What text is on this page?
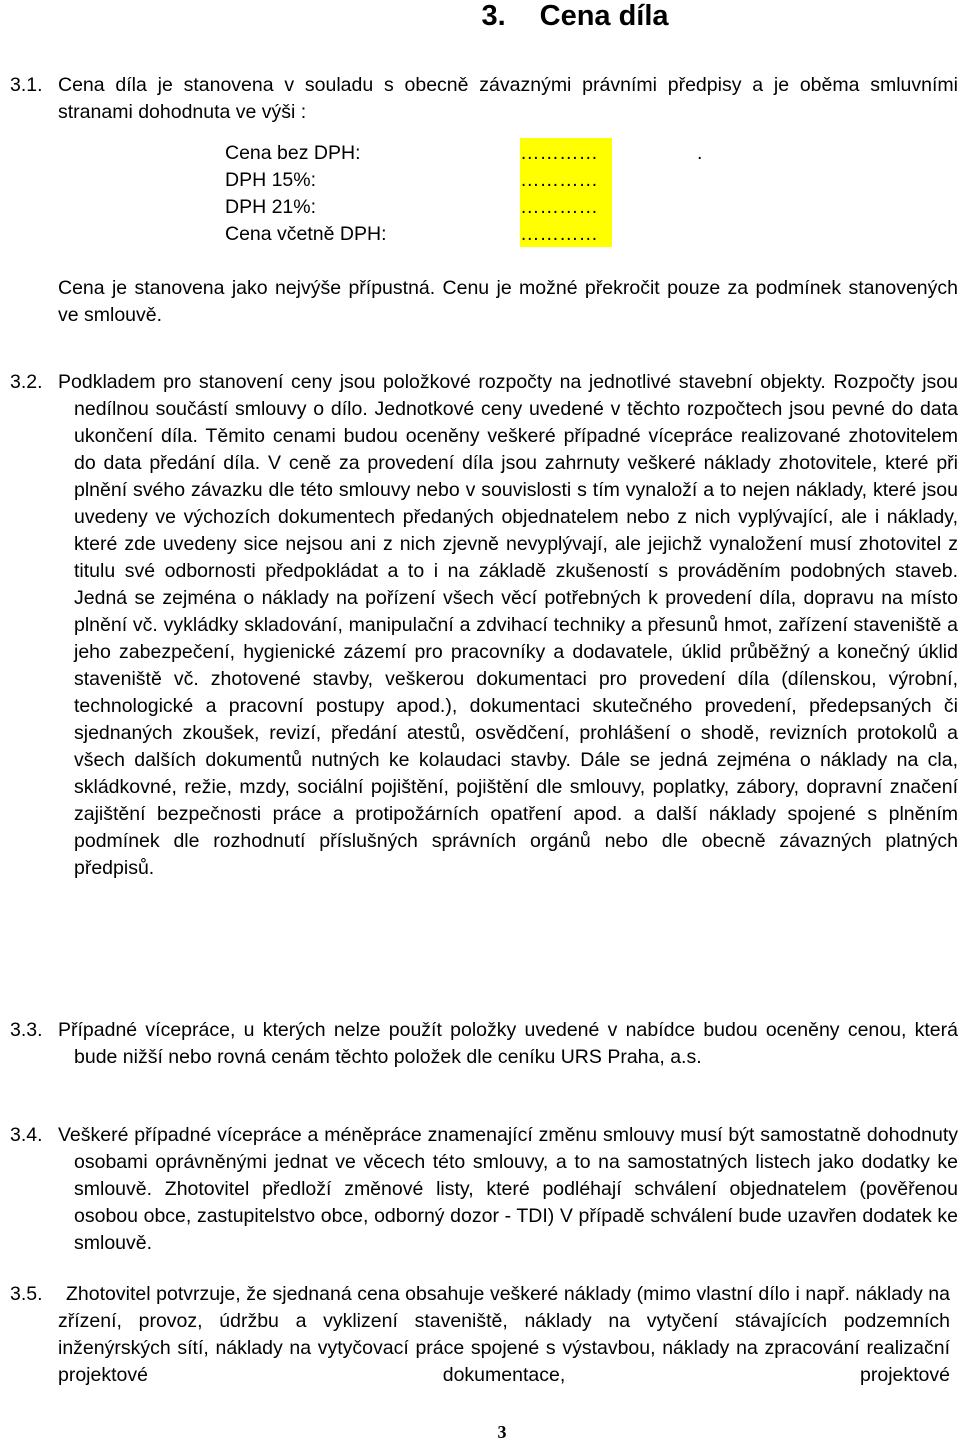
3. Cena díla
3.1. Cena díla je stanovena v souladu s obecně závaznými právními předpisy a je oběma smluvními stranami dohodnuta ve výši :
Cena bez DPH:	…………	.
DPH 15%:	…………
DPH 21%:	…………
Cena včetně DPH:	…………
Cena je stanovena jako nejvýše přípustná. Cenu je možné překročit pouze za podmínek stanovených ve smlouvě.
3.2. Podkladem pro stanovení ceny jsou položkové rozpočty na jednotlivé stavební objekty. Rozpočty jsou nedílnou součástí smlouvy o dílo. Jednotkové ceny uvedené v těchto rozpočtech jsou pevné do data ukončení díla. Těmito cenami budou oceněny veškeré případné vícepráce realizované zhotovitelem do data předání díla. V ceně za provedení díla jsou zahrnuty veškeré náklady zhotovitele, které při plnění svého závazku dle této smlouvy nebo v souvislosti s tím vynaloží a to nejen náklady, které jsou uvedeny ve výchozích dokumentech předaných objednatelem nebo z nich vyplývající, ale i náklady, které zde uvedeny sice nejsou ani z nich zjevně nevyplývají, ale jejichž vynaložení musí zhotovitel z titulu své odbornosti předpokládat a to i na základě zkušeností s prováděním podobných staveb. Jedná se zejména o náklady na pořízení všech věcí potřebných k provedení díla, dopravu na místo plnění vč. vykládky skladování, manipulační a zdvihací techniky a přesunů hmot, zařízení staveniště a jeho zabezpečení, hygienické zázemí pro pracovníky a dodavatele, úklid průběžný a konečný úklid staveniště vč. zhotovené stavby, veškerou dokumentaci pro provedení díla (dílenskou, výrobní, technologické a pracovní postupy apod.), dokumentaci skutečného provedení, předepsaných či sjednaných zkoušek, revizí, předání atestů, osvědčení, prohlášení o shodě, revizních protokolů a všech dalších dokumentů nutných ke kolaudaci stavby. Dále se jedná zejména o náklady na cla, skládkovné, režie, mzdy, sociální pojištění, pojištění dle smlouvy, poplatky, zábory, dopravní značení zajištění bezpečnosti práce a protipožárních opatření apod. a další náklady spojené s plněním podmínek dle rozhodnutí příslušných správních orgánů nebo dle obecně závazných platných předpisů.
3.3. Případné vícepráce, u kterých nelze použít položky uvedené v nabídce budou oceněny cenou, která bude nižší nebo rovná cenám těchto položek dle ceníku URS Praha, a.s.
3.4. Veškeré případné vícepráce a méněpráce znamenající změnu smlouvy musí být samostatně dohodnuty osobami oprávněnými jednat ve věcech této smlouvy, a to na samostatných listech jako dodatky ke smlouvě. Zhotovitel předloží změnové listy, které podléhají schválení objednatelem (pověřenou osobou obce, zastupitelstvo obce, odborný dozor - TDI) V případě schválení bude uzavřen dodatek ke smlouvě.
3.5.	Zhotovitel potvrzuje, že sjednaná cena obsahuje veškeré náklady (mimo vlastní dílo i např. náklady na zřízení, provoz, údržbu a vyklizení staveniště, náklady na vytyčení stávajících podzemních inženýrských sítí, náklady na vytyčovací práce spojené s výstavbou, náklady na zpracování realizační projektové dokumentace, projektové
3
